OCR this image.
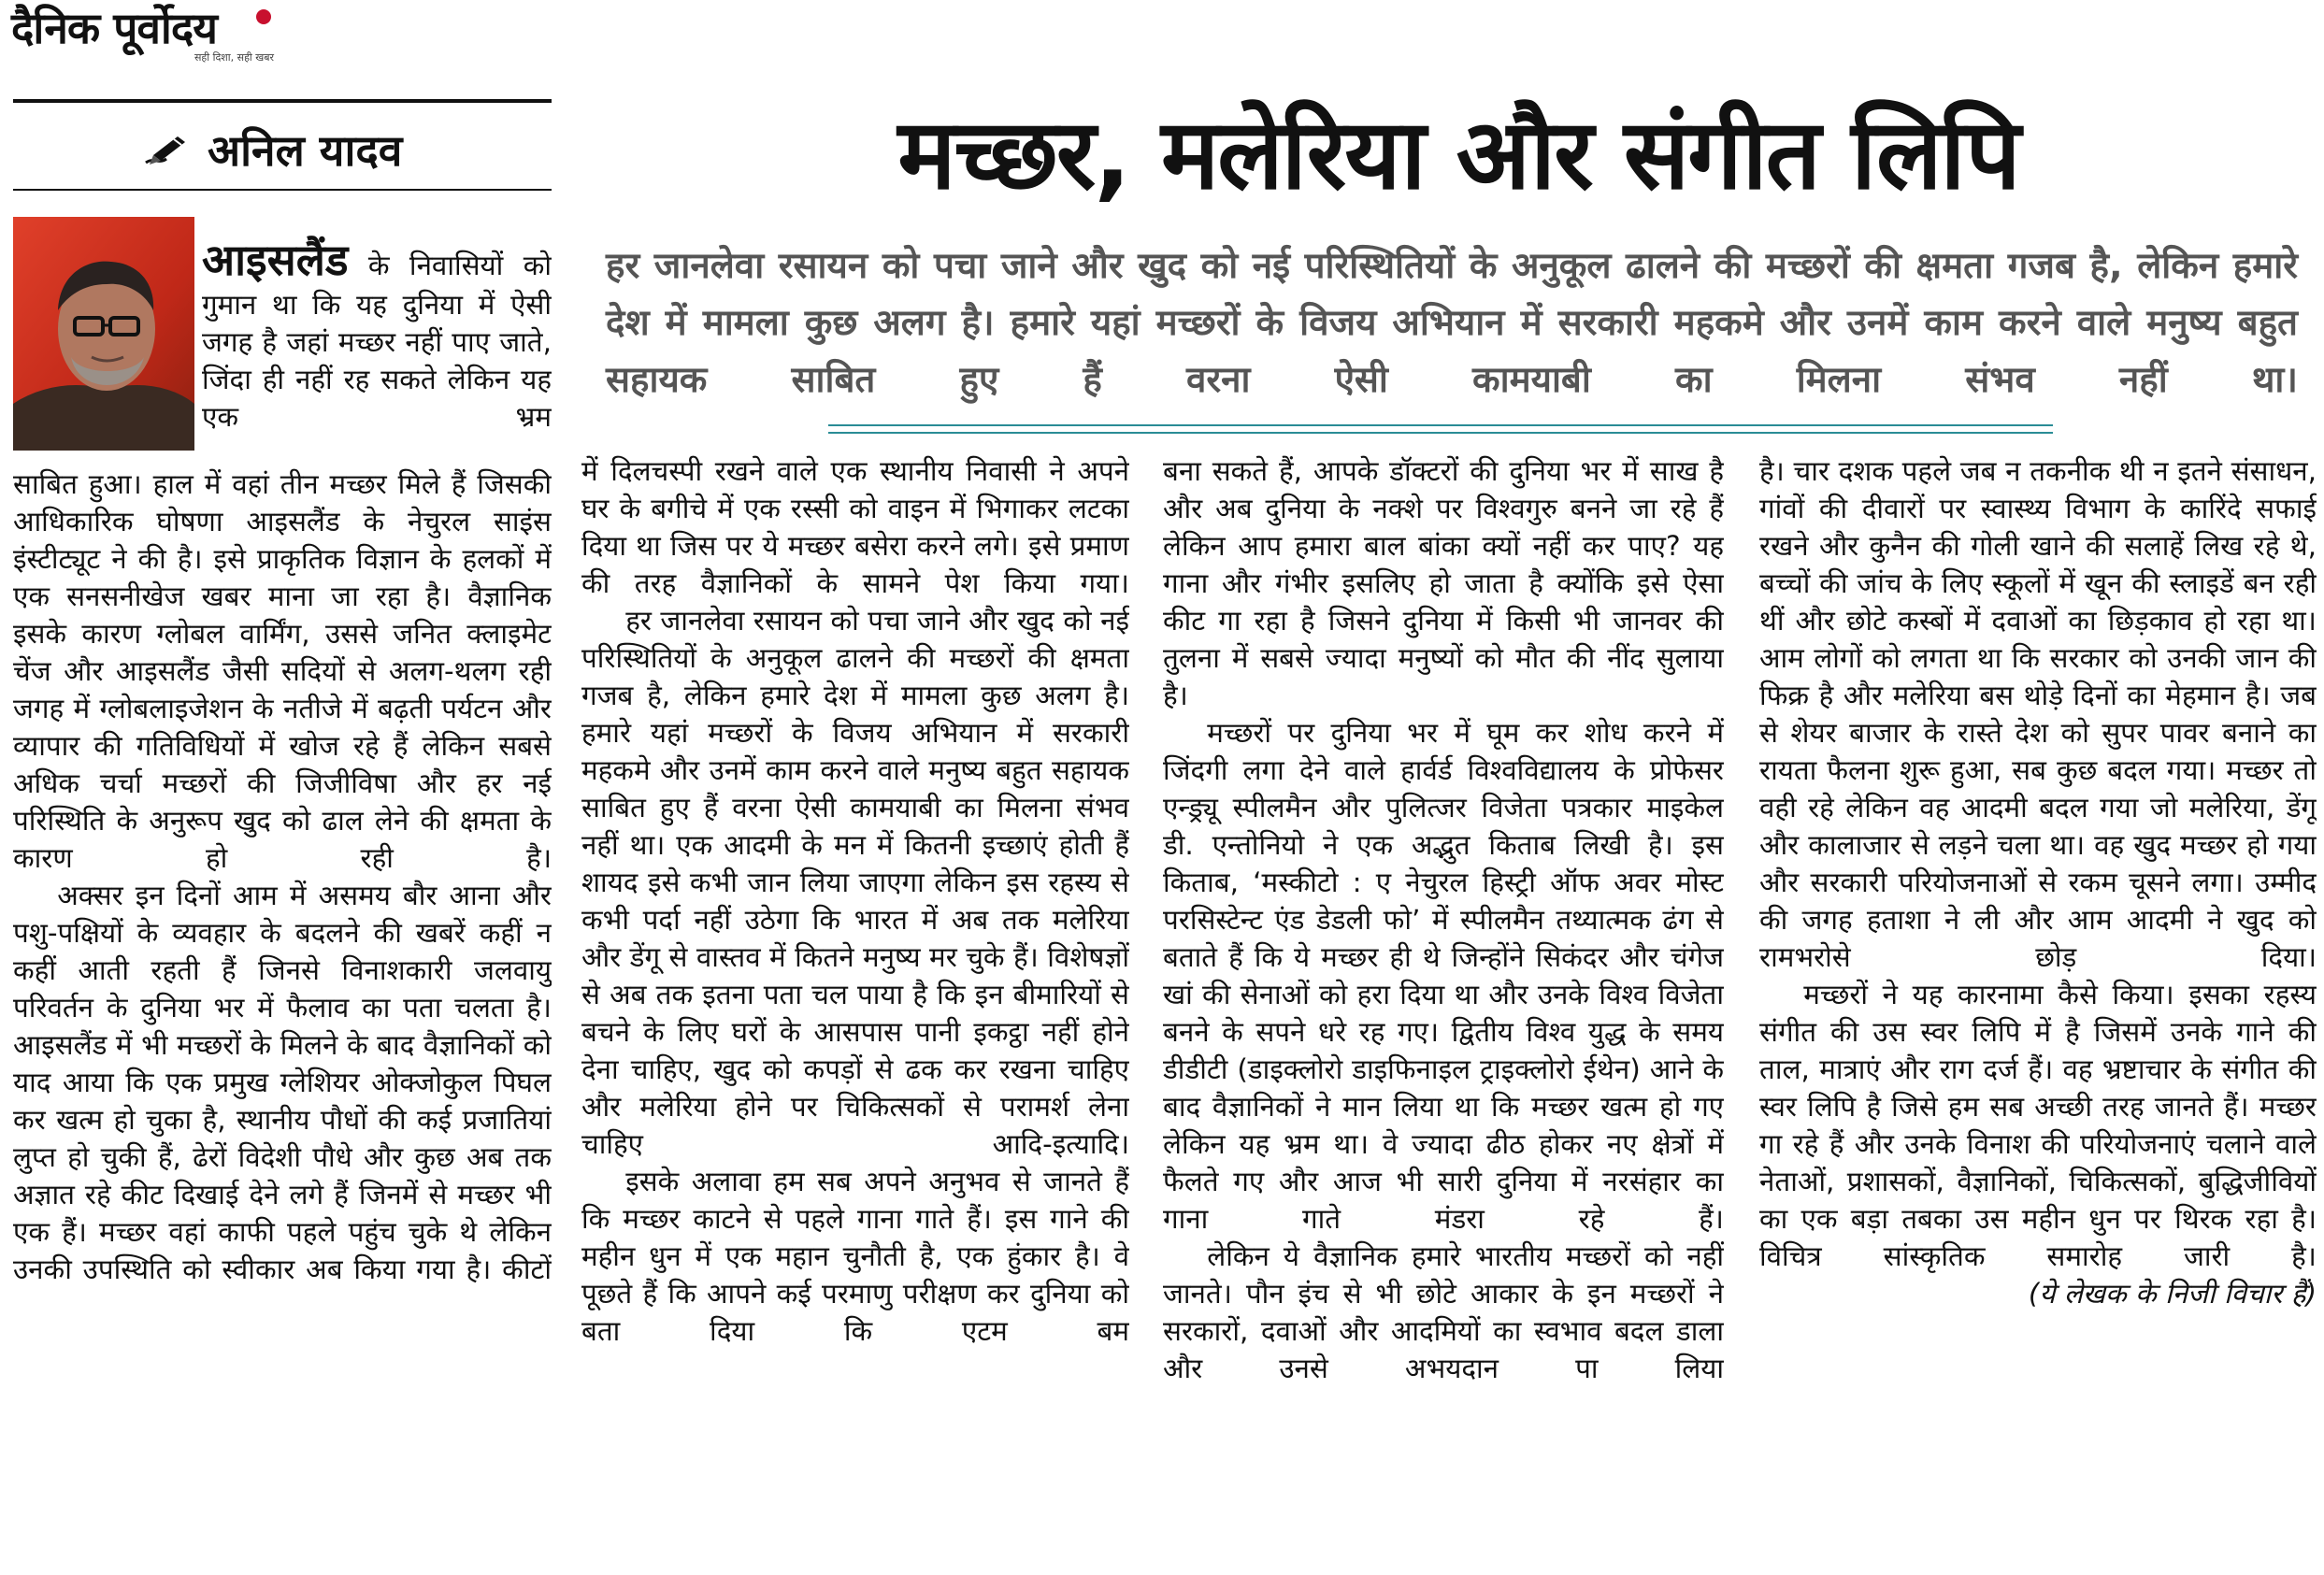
दैनिक पूर्वोदय
सही दिशा, सही खबर
अनिल यादव

आइसलैंड के निवासियों को गुमान था कि यह दुनिया में ऐसी जगह है जहां मच्छर नहीं पाए जाते, जिंदा ही नहीं रह सकते लेकिन यह एक भ्रम

मच्छर, मलेरिया और संगीत लिपि
हर जानलेवा रसायन को पचा जाने और खुद को नई परिस्थितियों के अनुकूल ढालने की मच्छरों की क्षमता गजब है, लेकिन हमारे देश में मामला कुछ अलग है। हमारे यहां मच्छरों के विजय अभियान में सरकारी महकमे और उनमें काम करने वाले मनुष्य बहुत सहायक साबित हुए हैं वरना ऐसी कामयाबी का मिलना संभव नहीं था।

साबित हुआ। हाल में वहां तीन मच्छर मिले हैं जिसकी आधिकारिक घोषणा आइसलैंड के नेचुरल साइंस इंस्टीट्यूट ने की है। इसे प्राकृतिक विज्ञान के हलकों में एक सनसनीखेज खबर माना जा रहा है। वैज्ञानिक इसके कारण ग्लोबल वार्मिंग, उससे जनित क्लाइमेट चेंज और आइसलैंड जैसी सदियों से अलग-थलग रही जगह में ग्लोबलाइजेशन के नतीजे में बढ़ती पर्यटन और व्यापार की गतिविधियों में खोज रहे हैं लेकिन सबसे अधिक चर्चा मच्छरों की जिजीविषा और हर नई परिस्थिति के अनुरूप खुद को ढाल लेने की क्षमता के कारण हो रही है।

अक्सर इन दिनों आम में असमय बौर आना और पशु-पक्षियों के व्यवहार के बदलने की खबरें कहीं न कहीं आती रहती हैं जिनसे विनाशकारी जलवायु परिवर्तन के दुनिया भर में फैलाव का पता चलता है। आइसलैंड में भी मच्छरों के मिलने के बाद वैज्ञानिकों को याद आया कि एक प्रमुख ग्लेशियर ओक्जोकुल पिघल कर खत्म हो चुका है, स्थानीय पौधों की कई प्रजातियां लुप्त हो चुकी हैं, ढेरों विदेशी पौधे और कुछ अब तक अज्ञात रहे कीट दिखाई देने लगे हैं जिनमें से मच्छर भी एक हैं। मच्छर वहां काफी पहले पहुंच चुके थे लेकिन उनकी उपस्थिति को स्वीकार अब किया गया है। कीटों

में दिलचस्पी रखने वाले एक स्थानीय निवासी ने अपने घर के बगीचे में एक रस्सी को वाइन में भिगाकर लटका दिया था जिस पर ये मच्छर बसेरा करने लगे। इसे प्रमाण की तरह वैज्ञानिकों के सामने पेश किया गया।

हर जानलेवा रसायन को पचा जाने और खुद को नई परिस्थितियों के अनुकूल ढालने की मच्छरों की क्षमता गजब है, लेकिन हमारे देश में मामला कुछ अलग है। हमारे यहां मच्छरों के विजय अभियान में सरकारी महकमे और उनमें काम करने वाले मनुष्य बहुत सहायक साबित हुए हैं वरना ऐसी कामयाबी का मिलना संभव नहीं था। एक आदमी के मन में कितनी इच्छाएं होती हैं शायद इसे कभी जान लिया जाएगा लेकिन इस रहस्य से कभी पर्दा नहीं उठेगा कि भारत में अब तक मलेरिया और डेंगू से वास्तव में कितने मनुष्य मर चुके हैं। विशेषज्ञों से अब तक इतना पता चल पाया है कि इन बीमारियों से बचने के लिए घरों के आसपास पानी इकट्ठा नहीं होने देना चाहिए, खुद को कपड़ों से ढक कर रखना चाहिए और मलेरिया होने पर चिकित्सकों से परामर्श लेना चाहिए आदि-इत्यादि।

इसके अलावा हम सब अपने अनुभव से जानते हैं कि मच्छर काटने से पहले गाना गाते हैं। इस गाने की महीन धुन में एक महान चुनौती है, एक हुंकार है। वे पूछते हैं कि आपने कई परमाणु परीक्षण कर दुनिया को बता दिया कि एटम बम

बना सकते हैं, आपके डॉक्टरों की दुनिया भर में साख है और अब दुनिया के नक्शे पर विश्वगुरु बनने जा रहे हैं लेकिन आप हमारा बाल बांका क्यों नहीं कर पाए? यह गाना और गंभीर इसलिए हो जाता है क्योंकि इसे ऐसा कीट गा रहा है जिसने दुनिया में किसी भी जानवर की तुलना में सबसे ज्यादा मनुष्यों को मौत की नींद सुलाया है।

मच्छरों पर दुनिया भर में घूम कर शोध करने में जिंदगी लगा देने वाले हार्वर्ड विश्वविद्यालय के प्रोफेसर एन्ड्र्यू स्पीलमैन और पुलित्जर विजेता पत्रकार माइकेल डी. एन्तोनियो ने एक अद्भुत किताब लिखी है। इस किताब, ‘मस्कीटो : ए नेचुरल हिस्ट्री ऑफ अवर मोस्ट परसिस्टेन्ट एंड डेडली फो’ में स्पीलमैन तथ्यात्मक ढंग से बताते हैं कि ये मच्छर ही थे जिन्होंने सिकंदर और चंगेज खां की सेनाओं को हरा दिया था और उनके विश्व विजेता बनने के सपने धरे रह गए। द्वितीय विश्व युद्ध के समय डीडीटी (डाइक्लोरो डाइफिनाइल ट्राइक्लोरो ईथेन) आने के बाद वैज्ञानिकों ने मान लिया था कि मच्छर खत्म हो गए लेकिन यह भ्रम था। वे ज्यादा ढीठ होकर नए क्षेत्रों में फैलते गए और आज भी सारी दुनिया में नरसंहार का गाना गाते मंडरा रहे हैं।

लेकिन ये वैज्ञानिक हमारे भारतीय मच्छरों को नहीं जानते। पौन इंच से भी छोटे आकार के इन मच्छरों ने सरकारों, दवाओं और आदमियों का स्वभाव बदल डाला और उनसे अभयदान पा लिया

है। चार दशक पहले जब न तकनीक थी न इतने संसाधन, गांवों की दीवारों पर स्वास्थ्य विभाग के कारिंदे सफाई रखने और कुनैन की गोली खाने की सलाहें लिख रहे थे, बच्चों की जांच के लिए स्कूलों में खून की स्लाइडें बन रही थीं और छोटे कस्बों में दवाओं का छिड़काव हो रहा था। आम लोगों को लगता था कि सरकार को उनकी जान की फिक्र है और मलेरिया बस थोड़े दिनों का मेहमान है। जब से शेयर बाजार के रास्ते देश को सुपर पावर बनाने का रायता फैलना शुरू हुआ, सब कुछ बदल गया। मच्छर तो वही रहे लेकिन वह आदमी बदल गया जो मलेरिया, डेंगू और कालाजार से लड़ने चला था। वह खुद मच्छर हो गया और सरकारी परियोजनाओं से रकम चूसने लगा। उम्मीद की जगह हताशा ने ली और आम आदमी ने खुद को रामभरोसे छोड़ दिया।

मच्छरों ने यह कारनामा कैसे किया। इसका रहस्य संगीत की उस स्वर लिपि में है जिसमें उनके गाने की ताल, मात्राएं और राग दर्ज हैं। वह भ्रष्टाचार के संगीत की स्वर लिपि है जिसे हम सब अच्छी तरह जानते हैं। मच्छर गा रहे हैं और उनके विनाश की परियोजनाएं चलाने वाले नेताओं, प्रशासकों, वैज्ञानिकों, चिकित्सकों, बुद्धिजीवियों का एक बड़ा तबका उस महीन धुन पर थिरक रहा है। विचित्र सांस्कृतिक समारोह जारी है।

(ये लेखक के निजी विचार हैं)
